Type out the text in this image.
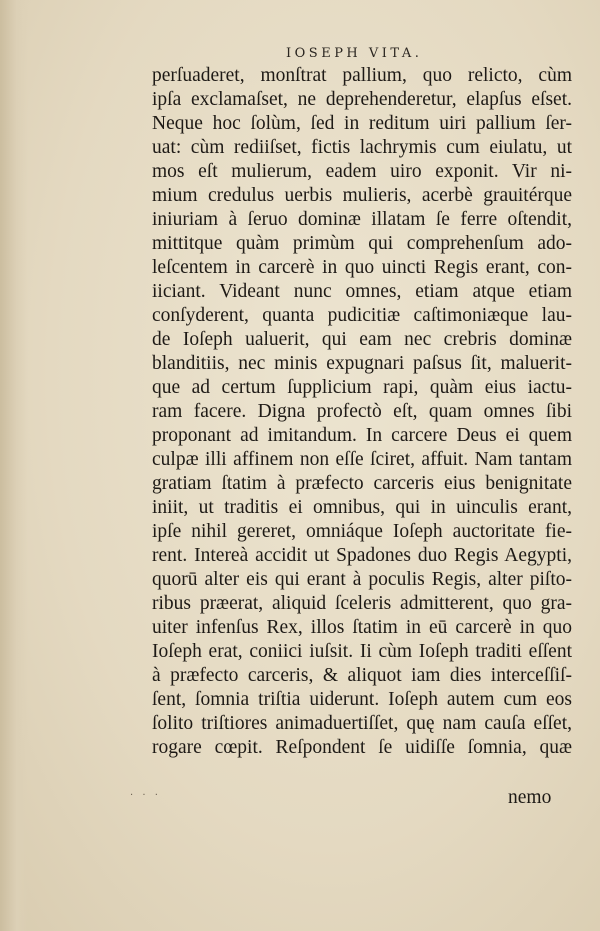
IOSEPH VITA.
perſuaderet, monſtrat pallium, quo relicto, cùm
ipſa exclamaſset, ne deprehenderetur, elapſus eſset.
Neque hoc ſolùm, ſed in reditum uiri pallium ſer-
uat: cùm rediiſset, fictis lachrymis cum eiulatu, ut
mos eſt mulierum, eadem uiro exponit. Vir ni-
mium credulus uerbis mulieris, acerbè grauitérque
iniuriam à ſeruo dominæ illatam ſe ferre oſtendit,
mittitque quàm primùm qui comprehenſum ado-
leſcentem in carcerè in quo uincti Regis erant, con-
iiciant. Videant nunc omnes, etiam atque etiam
conſyderent, quanta pudicitiæ caſtimoniæque lau-
de Ioſeph ualuerit, qui eam nec crebris dominæ
blanditiis, nec minis expugnari paſsus ſit, maluerit-
que ad certum ſupplicium rapi, quàm eius iactu-
ram facere. Digna profectò eſt, quam omnes ſibi
proponant ad imitandum. In carcere Deus ei quem
culpæ illi affinem non eſſe ſciret, affuit. Nam tantam
gratiam ſtatim à præfecto carceris eius benignitate
iniit, ut traditis ei omnibus, qui in uinculis erant,
ipſe nihil gereret, omniáque Ioſeph auctoritate fie-
rent. Intereà accidit ut Spadones duo Regis Aegypti,
quorū alter eis qui erant à poculis Regis, alter piſto-
ribus præerat, aliquid ſceleris admitterent, quo gra-
uiter infenſus Rex, illos ſtatim in eū carcerè in quo
Ioſeph erat, coniici iuſsit. Ii cùm Ioſeph traditi eſſent
à præfecto carceris, & aliquot iam dies interceſſiſ-
ſent, ſomnia triſtia uiderunt. Ioſeph autem cum eos
ſolito triſtiores animaduertiſſet, quę nam cauſa eſſet,
rogare cœpit. Reſpondent ſe uidiſſe ſomnia, quæ
· · ·	nemo
